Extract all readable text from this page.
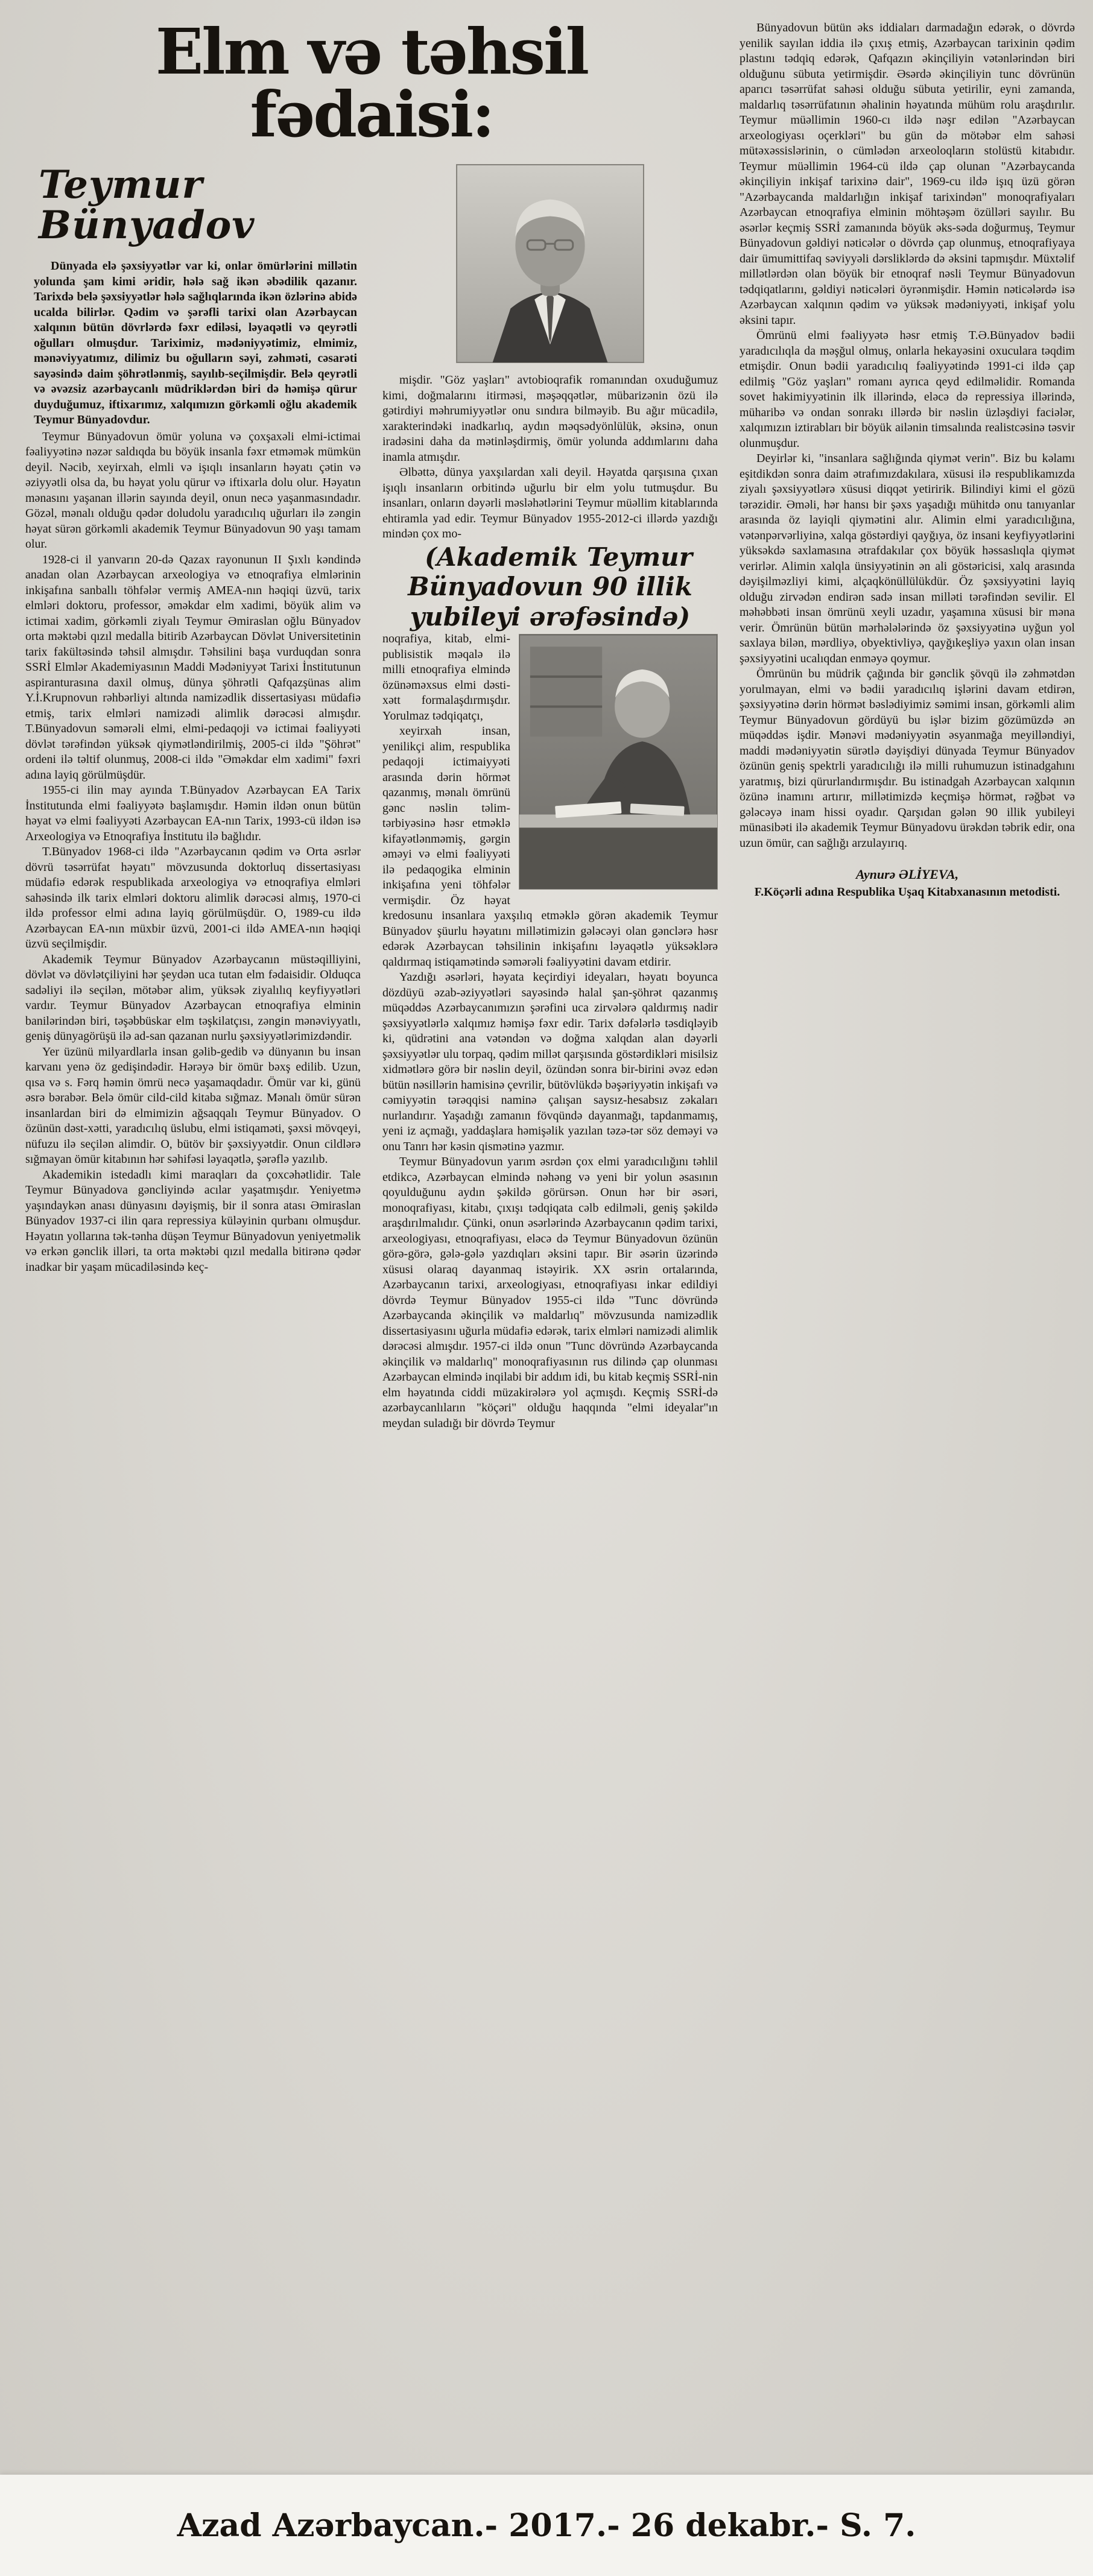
Elm və təhsil fədaisi:
Teymur Bünyadov

Dünyada elə şəxsiyyətlər var ki, onlar ömürlərini millətin yolunda şam kimi əridir, hələ sağ ikən əbədilik qazanır. Tarixdə belə şəxsiyyətlər hələ sağlıqlarında ikən özlərinə abidə ucalda bilirlər. Qədim və şərəfli tarixi olan Azərbaycan xalqının bütün dövrlərdə fəxr ediləsi, ləyaqətli və qeyrətli oğulları olmuşdur. Tariximiz, mədəniyyətimiz, elmimiz, mənəviyyatımız, dilimiz bu oğulların səyi, zəhməti, cəsarəti sayəsində daim şöhrətlənmiş, sayılıb-seçilmişdir. Belə qeyrətli və əvəzsiz azərbaycanlı müdriklərdən biri də həmişə qürur duyduğumuz, iftixarımız, xalqımızın görkəmli oğlu akademik Teymur Bünyadovdur.

Teymur Bünyadovun ömür yoluna və çoxşaxəli elmi-ictimai fəaliyyətinə nəzər saldıqda bu böyük insanla fəxr etməmək mümkün deyil. Nəcib, xeyirxah, elmli və işıqlı insanların həyatı çətin və əziyyətli olsa da, bu həyat yolu qürur və iftixarla dolu olur. Həyatın mənasını yaşanan illərin sayında deyil, onun necə yaşanmasındadır. Gözəl, mənalı olduğu qədər doludolu yaradıcılıq uğurları ilə zəngin həyat sürən görkəmli akademik Teymur Bünyadovun 90 yaşı tamam olur.

1928-ci il yanvarın 20-də Qazax rayonunun II Şıxlı kəndində anadan olan Azərbaycan arxeologiya və etnoqrafiya elmlərinin inkişafına sanballı töhfələr vermiş AMEA-nın həqiqi üzvü, tarix elmləri doktoru, professor, əməkdar elm xadimi, böyük alim və ictimai xadim, görkəmli ziyalı Teymur Əmiraslan oğlu Bünyadov orta məktəbi qızıl medalla bitirib Azərbaycan Dövlət Universitetinin tarix fakültəsində təhsil almışdır. Təhsilini başa vurduqdan sonra SSRİ Elmlər Akademiyasının Maddi Mədəniyyət Tarixi İnstitutunun aspiranturasına daxil olmuş, dünya şöhrətli Qafqazşünas alim Y.İ.Krupnovun rəhbərliyi altında namizədlik dissertasiyası müdafiə etmiş, tarix elmləri namizədi alimlik dərəcəsi almışdır. T.Bünyadovun səmərəli elmi, elmi-pedaqoji və ictimai fəaliyyəti dövlət tərəfindən yüksək qiymətləndirilmiş, 2005-ci ildə "Şöhrət" ordeni ilə təltif olunmuş, 2008-ci ildə "Əməkdar elm xadimi" fəxri adına layiq görülmüşdür.

1955-ci ilin may ayında T.Bünyadov Azərbaycan EA Tarix İnstitutunda elmi fəaliyyətə başlamışdır. Həmin ildən onun bütün həyat və elmi fəaliyyəti Azərbaycan EA-nın Tarix, 1993-cü ildən isə Arxeologiya və Etnoqrafiya İnstitutu ilə bağlıdır.

T.Bünyadov 1968-ci ildə "Azərbaycanın qədim və Orta əsrlər dövrü təsərrüfat həyatı" mövzusunda doktorluq dissertasiyası müdafiə edərək respublikada arxeologiya və etnoqrafiya elmləri sahəsində ilk tarix elmləri doktoru alimlik dərəcəsi almış, 1970-ci ildə professor elmi adına layiq görülmüşdür. O, 1989-cu ildə Azərbaycan EA-nın müxbir üzvü, 2001-ci ildə AMEA-nın həqiqi üzvü seçilmişdir.

Akademik Teymur Bünyadov Azərbaycanın müstəqilliyini, dövlət və dövlətçiliyini hər şeydən uca tutan elm fədaisidir. Olduqca sadəliyi ilə seçilən, mötəbər alim, yüksək ziyalılıq keyfiyyətləri vardır. Teymur Bünyadov Azərbaycan etnoqrafiya elminin banilərindən biri, təşəbbüskar elm təşkilatçısı, zəngin mənəviyyatlı, geniş dünyagörüşü ilə ad-san qazanan nurlu şəxsiyyətlərimizdəndir.

Yer üzünü milyardlarla insan gəlib-gedib və dünyanın bu insan karvanı yenə öz gedişindədir. Hərəyə bir ömür bəxş edilib. Uzun, qısa və s. Fərq həmin ömrü necə yaşamaqdadır. Ömür var ki, günü əsrə bərabər. Belə ömür cild-cild kitaba sığmaz. Mənalı ömür sürən insanlardan biri də elmimizin ağsaqqalı Teymur Bünyadov. O özünün dəst-xətti, yaradıcılıq üslubu, elmi istiqaməti, şəxsi mövqeyi, nüfuzu ilə seçilən alimdir. O, bütöv bir şəxsiyyətdir. Onun cildlərə sığmayan ömür kitabının hər səhifəsi ləyaqətlə, şərəflə yazılıb.

Akademikin istedadlı kimi maraqları da çoxcəhətlidir. Tale Teymur Bünyadova gəncliyində acılar yaşatmışdır. Yeniyetmə yaşındaykən anası dünyasını dəyişmiş, bir il sonra atası Əmiraslan Bünyadov 1937-ci ilin qara repressiya küləyinin qurbanı olmuşdur. Həyatın yollarına tək-tənha düşən Teymur Bünyadovun yeniyetməlik və erkən gənclik illəri, ta orta məktəbi qızıl medalla bitirənə qədər inadkar bir yaşam mücadiləsində keç-

mişdir. "Göz yaşları" avtobioqrafik romanından oxuduğumuz kimi, doğmalarını itirməsi, məşəqqətlər, mübarizənin özü ilə gətirdiyi məhrumiyyətlər onu sındıra bilməyib. Bu ağır mücadilə, xarakterindəki inadkarlıq, aydın məqsədyönlülük, əksinə, onun iradəsini daha da mətinləşdirmiş, ömür yolunda addımlarını daha inamla atmışdır.

Əlbəttə, dünya yaxşılardan xali deyil. Həyatda qarşısına çıxan işıqlı insanların orbitində uğurlu bir elm yolu tutmuşdur. Bu insanları, onların dəyərli məsləhətlərini Teymur müəllim kitablarında ehtiramla yad edir. Teymur Bünyadov 1955-2012-ci illərdə yazdığı mindən çox mo-

(Akademik Teymur Bünyadovun 90 illik yubileyi ərəfəsində)

noqrafiya, kitab, elmi-publisistik məqalə ilə milli etnoqrafiya elmində özünəməxsus elmi dəsti-xətt formalaşdırmışdır. Yorulmaz tədqiqatçı,

xeyirxah insan, yenilikçi alim, respublika pedaqoji ictimaiyyəti arasında dərin hörmət qazanmış, mənalı ömrünü gənc nəslin təlim-tərbiyəsinə həsr etməklə kifayətlənməmiş, gərgin əməyi və elmi fəaliyyəti ilə pedaqogika elminin inkişafına yeni töhfələr vermişdir. Öz həyat kredosunu insanlara yaxşılıq etməklə görən akademik Teymur Bünyadov şüurlu həyatını millətimizin gələcəyi olan gənclərə həsr edərək Azərbaycan təhsilinin inkişafını ləyaqətlə yüksəklərə qaldırmaq istiqamətində səmərəli fəaliyyətini davam etdirir.

Yazdığı əsərləri, həyata keçirdiyi ideyaları, həyatı boyunca dözdüyü əzab-əziyyətləri sayəsində halal şan-şöhrət qazanmış müqəddəs Azərbaycanımızın şərəfini uca zirvələrə qaldırmış nadir şəxsiyyətlərlə xalqımız həmişə fəxr edir. Tarix dəfələrlə təsdiqləyib ki, qüdrətini ana vətəndən və doğma xalqdan alan dəyərli şəxsiyyətlər ulu torpaq, qədim millət qarşısında göstərdikləri misilsiz xidmətlərə görə bir nəslin deyil, özündən sonra bir-birini əvəz edən bütün nəsillərin hamisinə çevrilir, bütövlükdə bəşəriyyətin inkişafı və cəmiyyətin tərəqqisi naminə çalışan saysız-hesabsız zəkaları nurlandırır. Yaşadığı zamanın fövqündə dayanmağı, tapdanmamış, yeni iz açmağı, yaddaşlara həmişəlik yazılan təzə-tər söz deməyi və onu Tanrı hər kəsin qismətinə yazmır.

Teymur Bünyadovun yarım əsrdən çox elmi yaradıcılığını təhlil etdikcə, Azərbaycan elmində nəhəng və yeni bir yolun əsasının qoyulduğunu aydın şəkildə görürsən. Onun hər bir əsəri, monoqrafiyası, kitabı, çıxışı tədqiqata cəlb edilməli, geniş şəkildə araşdırılmalıdır. Çünki, onun əsərlərində Azərbaycanın qədim tarixi, arxeologiyası, etnoqrafiyası, eləcə də Teymur Bünyadovun özünün görə-görə, gələ-gələ yazdıqları əksini tapır. Bir əsərin üzərində xüsusi olaraq dayanmaq istəyirik. XX əsrin ortalarında, Azərbaycanın tarixi, arxeologiyası, etnoqrafiyası inkar edildiyi dövrdə Teymur Bünyadov 1955-ci ildə "Tunc dövründə Azərbaycanda əkinçilik və maldarlıq" mövzusunda namizədlik dissertasiyasını uğurla müdafiə edərək, tarix elmləri namizədi alimlik dərəcəsi almışdır. 1957-ci ildə onun "Tunc dövründə Azərbaycanda əkinçilik və maldarlıq" monoqrafiyasının rus dilində çap olunması Azərbaycan elmində inqilabi bir addım idi, bu kitab keçmiş SSRİ-nin elm həyatında ciddi müzakirələrə yol açmışdı. Keçmiş SSRİ-də azərbaycanlıların "köçəri" olduğu haqqında "elmi ideyalar"ın meydan suladığı bir dövrdə Teymur

Bünyadovun bütün əks iddiaları darmadağın edərək, o dövrdə yenilik sayılan iddia ilə çıxış etmiş, Azərbaycan tarixinin qədim plastını tədqiq edərək, Qafqazın əkinçiliyin vətənlərindən biri olduğunu sübuta yetirmişdir. Əsərdə əkinçiliyin tunc dövrünün aparıcı təsərrüfat sahəsi olduğu sübuta yetirilir, eyni zamanda, maldarlıq təsərrüfatının əhalinin həyatında mühüm rolu araşdırılır. Teymur müəllimin 1960-cı ildə nəşr edilən "Azərbaycan arxeologiyası oçerkləri" bu gün də mötəbər elm sahəsi mütəxəssislərinin, o cümlədən arxeoloqların stolüstü kitabıdır. Teymur müəllimin 1964-cü ildə çap olunan "Azərbaycanda əkinçiliyin inkişaf tarixinə dair", 1969-cu ildə işıq üzü görən "Azərbaycanda maldarlığın inkişaf tarixindən" monoqrafiyaları Azərbaycan etnoqrafiya elminin möhtəşəm özülləri sayılır. Bu əsərlər keçmiş SSRİ zamanında böyük əks-səda doğurmuş, Teymur Bünyadovun gəldiyi nəticələr o dövrdə çap olunmuş, etnoqrafiyaya dair ümumittifaq səviyyəli dərsliklərdə də əksini tapmışdır. Müxtəlif millətlərdən olan böyük bir etnoqraf nəsli Teymur Bünyadovun tədqiqatlarını, gəldiyi nəticələri öyrənmişdir. Həmin nəticələrdə isə Azərbaycan xalqının qədim və yüksək mədəniyyəti, inkişaf yolu əksini tapır.

Ömrünü elmi fəaliyyətə həsr etmiş T.Ə.Bünyadov bədii yaradıcılıqla da məşğul olmuş, onlarla hekayəsini oxuculara təqdim etmişdir. Onun bədii yaradıcılıq fəaliyyətində 1991-ci ildə çap edilmiş "Göz yaşları" romanı ayrıca qeyd edilməlidir. Romanda sovet hakimiyyətinin ilk illərində, eləcə də repressiya illərində, müharibə və ondan sonrakı illərdə bir nəslin üzləşdiyi faciələr, xalqımızın iztirabları bir böyük ailənin timsalında realistcəsinə təsvir olunmuşdur.

Deyirlər ki, "insanlara sağlığında qiymət verin". Biz bu kəlamı eşitdikdən sonra daim ətrafımızdakılara, xüsusi ilə respublikamızda ziyalı şəxsiyyətlərə xüsusi diqqət yetiririk. Bilindiyi kimi el gözü tərəzidir. Əməli, hər hansı bir şəxs yaşadığı mühitdə onu tanıyanlar arasında öz layiqli qiymətini alır. Alimin elmi yaradıcılığına, vətənpərvərliyinə, xalqa göstərdiyi qayğıya, öz insani keyfiyyətlərini yüksəkdə saxlamasına ətrafdakılar çox böyük həssaslıqla qiymət verirlər. Alimin xalqla ünsiyyətinin ən ali göstəricisi, xalq arasında dəyişilməzliyi kimi, alçaqkönüllülükdür. Öz şəxsiyyətini layiq olduğu zirvədən endirən sadə insan milləti tərəfindən sevilir. El məhəbbəti insan ömrünü xeyli uzadır, yaşamına xüsusi bir məna verir. Ömrünün bütün mərhələlərində öz şəxsiyyətinə uyğun yol saxlaya bilən, mərdliyə, obyektivliyə, qayğıkeşliyə yaxın olan insan şəxsiyyətini ucalıqdan enməyə qoymur.

Ömrünün bu müdrik çağında bir gənclik şövqü ilə zəhmətdən yorulmayan, elmi və bədii yaradıcılıq işlərini davam etdirən, şəxsiyyətinə dərin hörmət bəslədiyimiz səmimi insan, görkəmli alim Teymur Bünyadovun gördüyü bu işlər bizim gözümüzdə ən müqəddəs işdir. Mənəvi mədəniyyətin əsyanmağa meyilləndiyi, maddi mədəniyyətin sürətlə dəyişdiyi dünyada Teymur Bünyadov özünün geniş spektrli yaradıcılığı ilə milli ruhumuzun istinadgahını yaratmış, bizi qürurlandırmışdır. Bu istinadgah Azərbaycan xalqının özünə inamını artırır, millətimizdə keçmişə hörmət, rəğbət və gələcəyə inam hissi oyadır. Qarşıdan gələn 90 illik yubileyi münasibəti ilə akademik Teymur Bünyadovu ürəkdən təbrik edir, ona uzun ömür, can sağlığı arzulayırıq.

Aynurə ƏLİYEVA,

F.Köçərli adına Respublika Uşaq Kitabxanasının metodisti.

Azad Azərbaycan.- 2017.- 26 dekabr.- S. 7.
